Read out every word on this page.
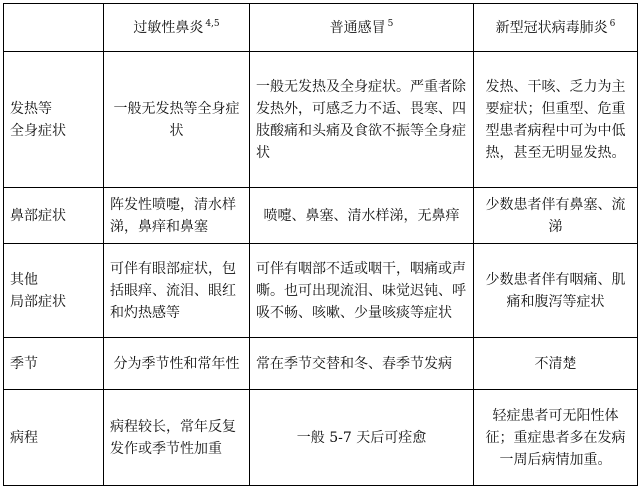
	过敏性鼻炎 $^{4,5}$	普通感冒 $^5$	新型冠状病毒肺炎 $^6$

发热等
全身症状	一般无发热等全身症状	一般无发热及全身症状。严重者除发热外，可感乏力不适、畏寒、四肢酸痛和头痛及食欲不振等全身症状	发热、干咳、乏力为主要症状；但重型、危重型患者病程中可为中低热，甚至无明显发热。

鼻部症状	阵发性喷嚏，清水样涕，鼻痒和鼻塞	喷嚏、鼻塞、清水样涕，无鼻痒	少数患者伴有鼻塞、流涕

其他
局部症状	可伴有眼部症状，包括眼痒、流泪、眼红 和灼热感等	可伴有咽部不适或咽干，咽痛或声嘶。也可出现流泪、味觉迟钝、呼吸不畅、咳嗽、少量咳痰等症状	少数患者伴有咽痛、肌痛和腹泻等症状

季节	分为季节性和常年性	常在季节交替和冬、春季节发病	不清楚

病程	病程较长，常年反复发作或季节性加重	一般 5-7 天后可痊愈	轻症患者可无阳性体征；重症患者多在发病一周后病情加重。
